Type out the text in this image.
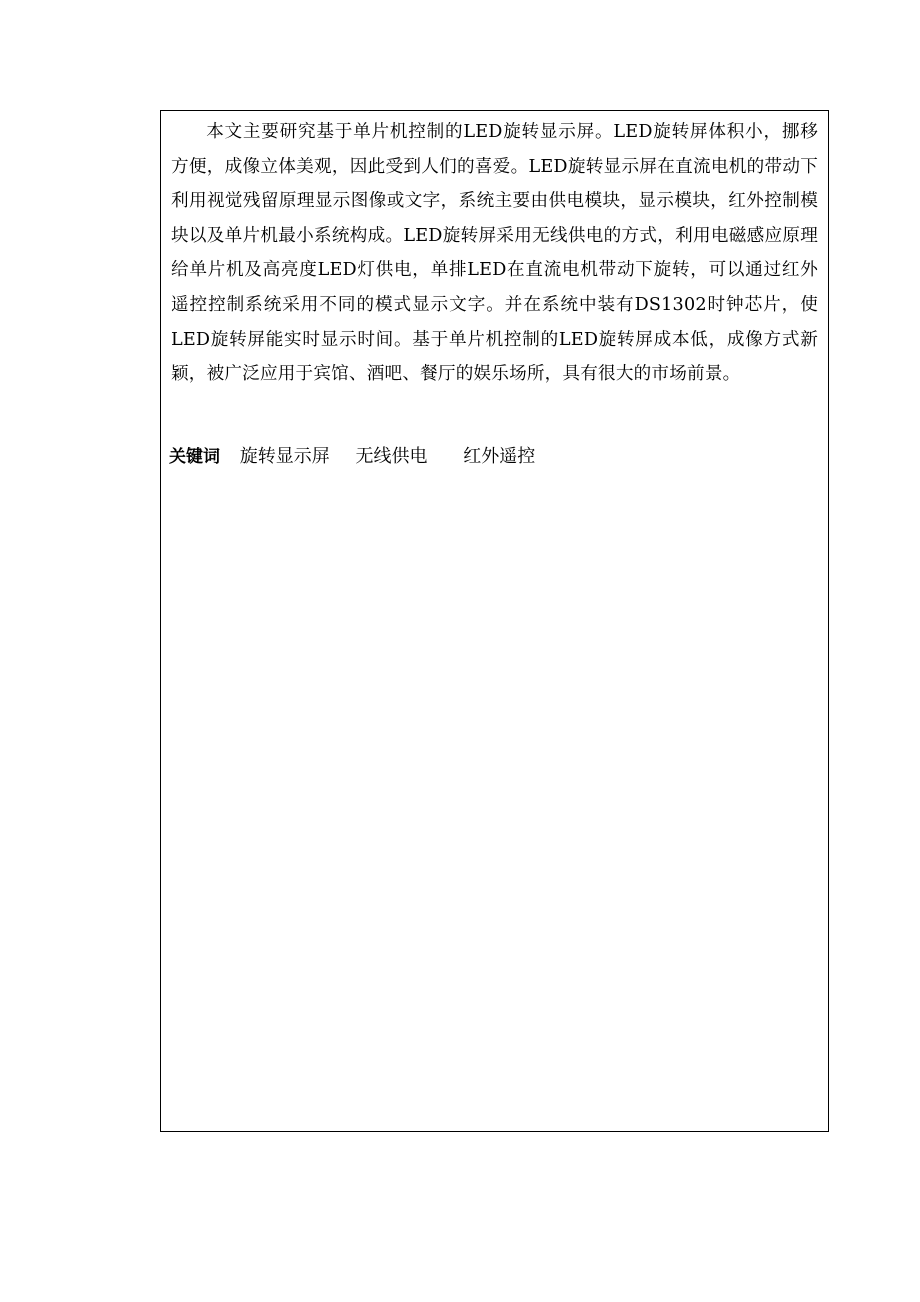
本文主要研究基于单片机控制的LED旋转显示屏。LED旋转屏体积小，挪移方便，成像立体美观，因此受到人们的喜爱。LED旋转显示屏在直流电机的带动下利用视觉残留原理显示图像或文字，系统主要由供电模块，显示模块，红外控制模块以及单片机最小系统构成。LED旋转屏采用无线供电的方式，利用电磁感应原理给单片机及高亮度LED灯供电，单排LED在直流电机带动下旋转，可以通过红外遥控控制系统采用不同的模式显示文字。并在系统中装有DS1302时钟芯片，使LED旋转屏能实时显示时间。基于单片机控制的LED旋转屏成本低，成像方式新颖，被广泛应用于宾馆、酒吧、餐厅的娱乐场所，具有很大的市场前景。

关键词 旋转显示屏 无线供电 红外遥控
